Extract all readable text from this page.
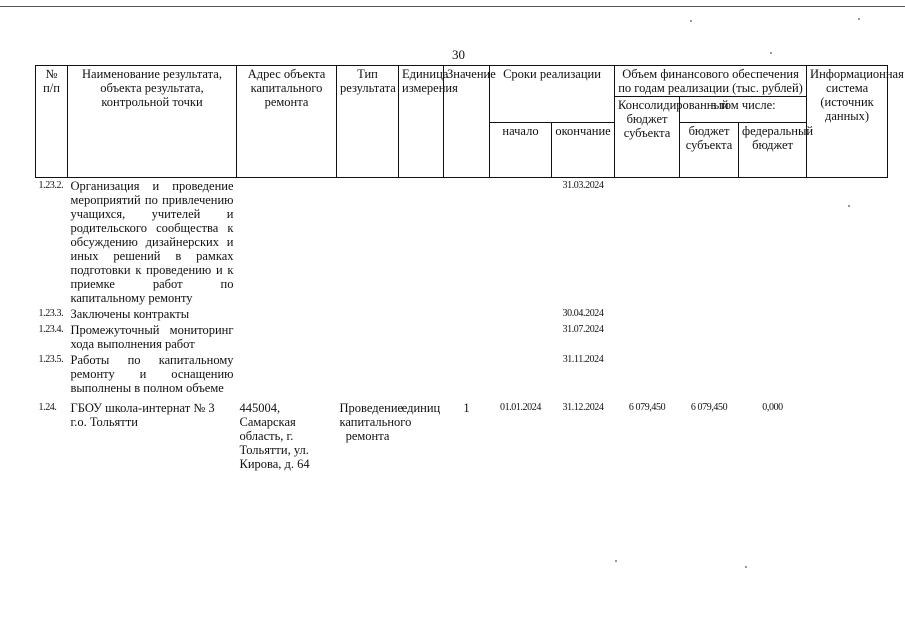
30
№ п/п	Наименование результата, объекта результата, контрольной точки	Адрес объекта капитального ремонта	Тип результата	Единица измерения	Значение	Сроки реализации		Объем финансового обеспечения по годам реализации (тыс. рублей)			Информационная система (источник данных)
								Консолидированный бюджет субъекта	в том числе:		
						начало	окончание		бюджет субъекта	федеральный бюджет	
1.23.2.	Организация и проведение мероприятий по привлечению учащихся, учителей и родительского сообщества к обсуждению дизайнерских и иных решений в рамках подготовки к проведению и к приемке работ по капитальному ремонту						31.03.2024				
1.23.3.	Заключены контракты						30.04.2024				
1.23.4.	Промежуточный мониторинг хода выполнения работ						31.07.2024				
1.23.5.	Работы по капитальному ремонту и оснащению выполнены в полном объеме						31.11.2024				
1.24.	ГБОУ школа-интернат № 3 г.о. Тольятти	445004, Самарская область, г. Тольятти, ул. Кирова, д. 64	Проведение капитального ремонта	единиц	1	01.01.2024	31.12.2024	6 079,450	6 079,450	0,000	
